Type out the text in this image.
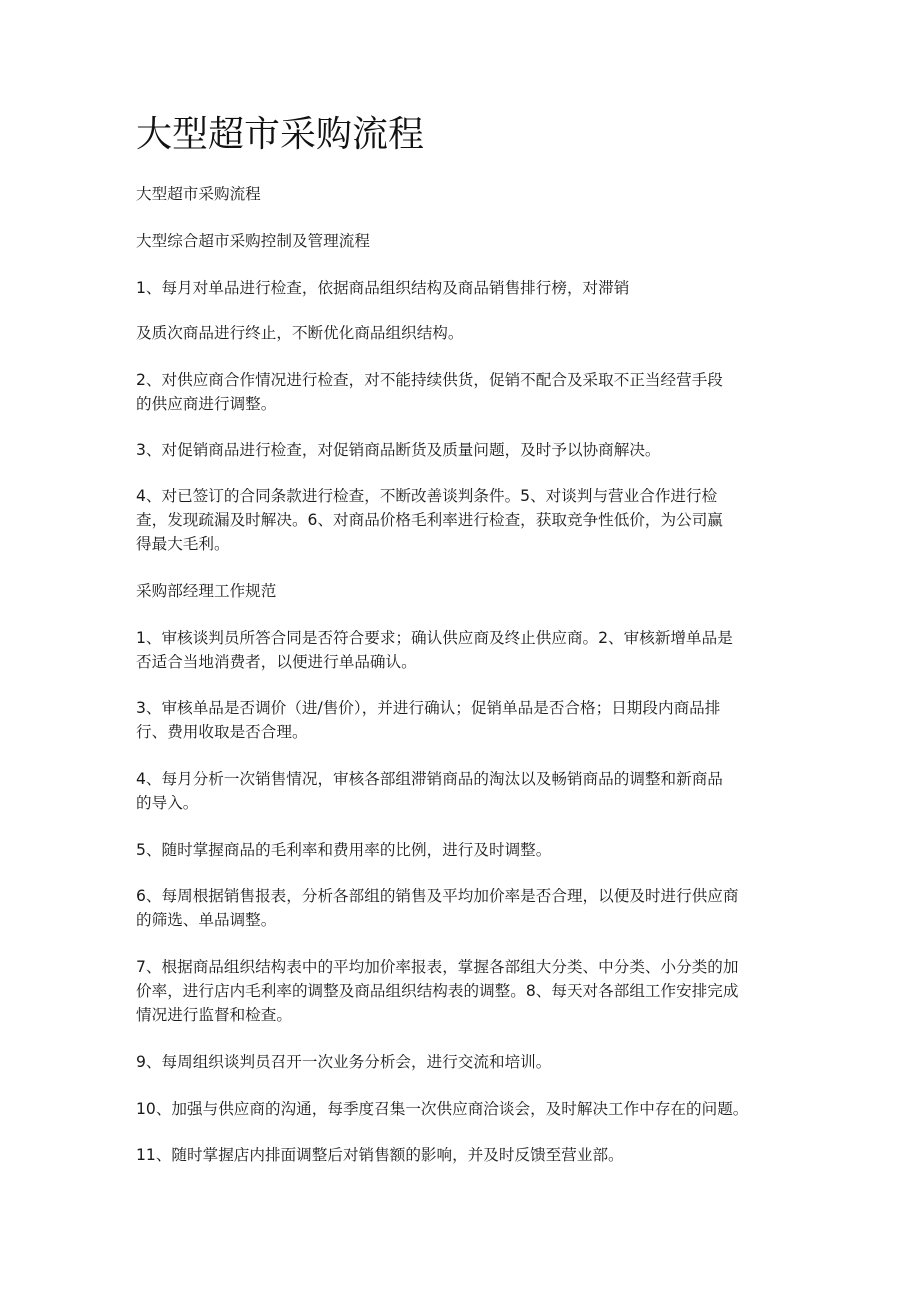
大型超市采购流程

大型超市采购流程

大型综合超市采购控制及管理流程

1、每月对单品进行检查，依据商品组织结构及商品销售排行榜，对滞销

及质次商品进行终止，不断优化商品组织结构。

2、对供应商合作情况进行检查，对不能持续供货，促销不配合及采取不正当经营手段
的供应商进行调整。

3、对促销商品进行检查，对促销商品断货及质量问题，及时予以协商解决。

4、对已签订的合同条款进行检查，不断改善谈判条件。5、对谈判与营业合作进行检
查，发现疏漏及时解决。6、对商品价格毛利率进行检查，获取竞争性低价，为公司赢
得最大毛利。

采购部经理工作规范

1、审核谈判员所答合同是否符合要求；确认供应商及终止供应商。2、审核新增单品是
否适合当地消费者，以便进行单品确认。

3、审核单品是否调价（进/售价），并进行确认；促销单品是否合格；日期段内商品排
行、费用收取是否合理。

4、每月分析一次销售情况，审核各部组滞销商品的淘汰以及畅销商品的调整和新商品
的导入。

5、随时掌握商品的毛利率和费用率的比例，进行及时调整。

6、每周根据销售报表，分析各部组的销售及平均加价率是否合理，以便及时进行供应商
的筛选、单品调整。

7、根据商品组织结构表中的平均加价率报表，掌握各部组大分类、中分类、小分类的加
价率，进行店内毛利率的调整及商品组织结构表的调整。8、每天对各部组工作安排完成
情况进行监督和检查。

9、每周组织谈判员召开一次业务分析会，进行交流和培训。

10、加强与供应商的沟通，每季度召集一次供应商洽谈会，及时解决工作中存在的问题。

11、随时掌握店内排面调整后对销售额的影响，并及时反馈至营业部。
